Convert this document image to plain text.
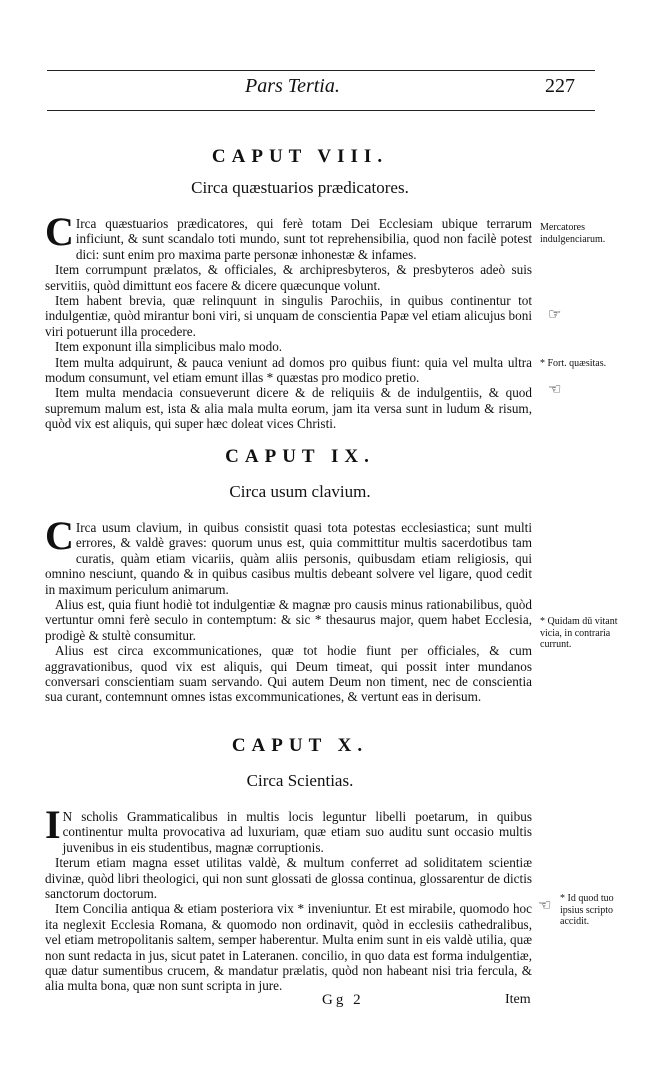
Pars Tertia.	227
CAPUT VIII.
Circa quæstuarios prædicatores.

C Irca quæstuarios prædicatores, qui ferè totam Dei Ecclesiam ubique terrarum inficiunt, & sunt scandalo toti mundo, sunt tot reprehensibilia, quod non facilè potest dici: sunt enim pro maxima parte personæ inhonestæ & infames.

Item corrumpunt prælatos, & officiales, & archipresbyteros, & presbyteros adeò suis servitiis, quòd dimittunt eos facere & dicere quæcunque volunt.

Item habent brevia, quæ relinquunt in singulis Parochiis, in quibus continentur tot indulgentiæ, quòd mirantur boni viri, si unquam de conscientia Papæ vel etiam alicujus boni viri potuerunt illa procedere.

Item exponunt illa simplicibus malo modo.

Item multa adquirunt, & pauca veniunt ad domos pro quibus fiunt: quia vel multa ultra modum consumunt, vel etiam emunt illas * quæstas pro modico pretio.

Item multa mendacia consueverunt dicere & de reliquiis & de indulgentiis, & quod supremum malum est, ista & alia mala multa eorum, jam ita versa sunt in ludum & risum, quòd vix est aliquis, qui super hæc doleat vices Christi.

Mercatores indulgenciarum.
☞
* Fort. quæsitas.
☜
CAPUT IX.
Circa usum clavium.

C Irca usum clavium, in quibus consistit quasi tota potestas ecclesiastica; sunt multi errores, & valdè graves: quorum unus est, quia committitur multis sacerdotibus tam curatis, quàm etiam vicariis, quàm aliis personis, quibusdam etiam religiosis, qui omnino nesciunt, quando & in quibus casibus multis debeant solvere vel ligare, quod cedit in maximum periculum animarum.

Alius est, quia fiunt hodiè tot indulgentiæ & magnæ pro causis minus rationabilibus, quòd vertuntur omni ferè seculo in contemptum: & sic * thesaurus major, quem habet Ecclesia, prodigè & stultè consumitur.

Alius est circa excommunicationes, quæ tot hodie fiunt per officiales, & cum aggravationibus, quod vix est aliquis, qui Deum timeat, qui possit inter mundanos conversari conscientiam suam servando. Qui autem Deum non timent, nec de conscientia sua curant, contemnunt omnes istas excommunicationes, & vertunt eas in derisum.

* Quidam dū vitant vicia, in contraria currunt.
CAPUT X.
Circa Scientias.

I N scholis Grammaticalibus in multis locis leguntur libelli poetarum, in quibus continentur multa provocativa ad luxuriam, quæ etiam suo auditu sunt occasio multis juvenibus in eis studentibus, magnæ corruptionis.

Iterum etiam magna esset utilitas valdè, & multum conferret ad soliditatem scientiæ divinæ, quòd libri theologici, qui non sunt glossati de glossa continua, glossarentur de dictis sanctorum doctorum.

Item Concilia antiqua & etiam posteriora vix * inveniuntur. Et est mirabile, quomodo hoc ita neglexit Ecclesia Romana, & quomodo non ordinavit, quòd in ecclesiis cathedralibus, vel etiam metropolitanis saltem, semper haberentur. Multa enim sunt in eis valdè utilia, quæ non sunt redacta in jus, sicut patet in Lateranen. concilio, in quo data est forma indulgentiæ, quæ datur sumentibus crucem, & mandatur prælatis, quòd non habeant nisi tria fercula, & alia multa bona, quæ non sunt scripta in jure.

☜ * Id quod tuo ipsius scripto accidit.
Gg 2	Item
